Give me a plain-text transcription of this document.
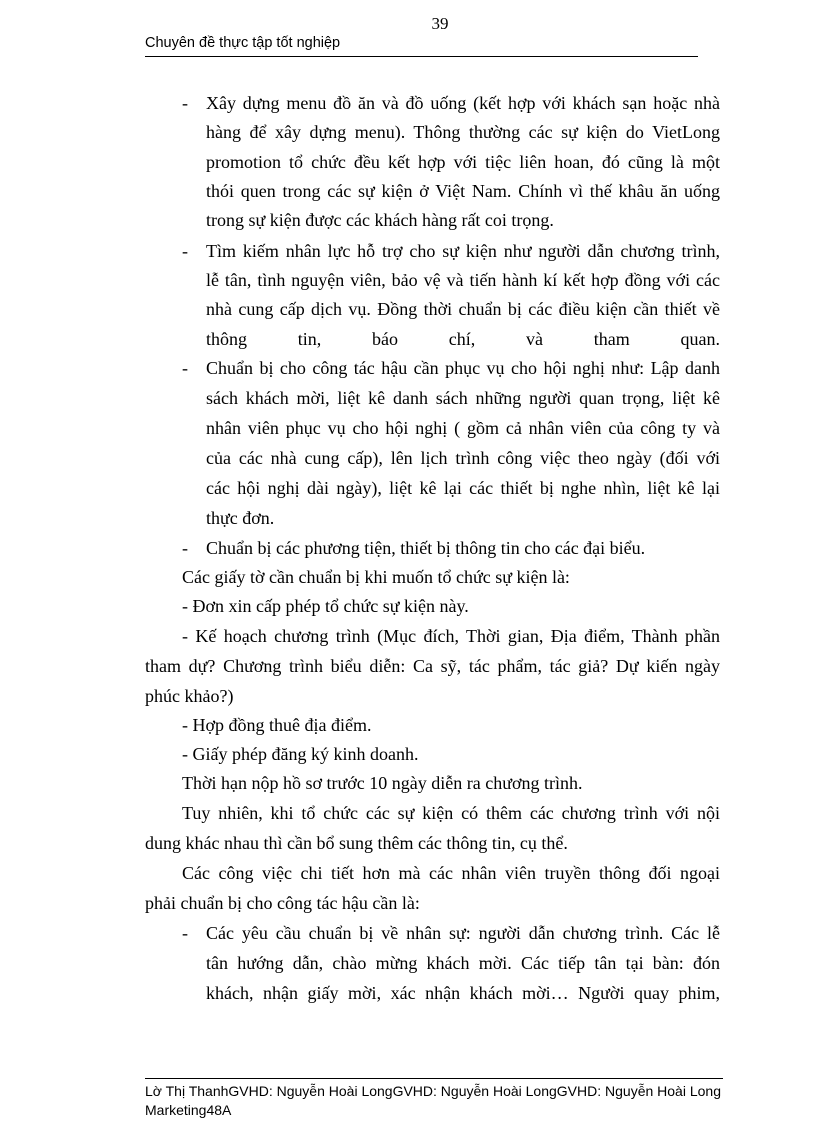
39
Chuyên đề thực tập tốt nghiệp
-
-
-
-
-
Xây dựng menu đồ ăn và đồ uống (kết hợp với khách sạn hoặc nhà
hàng để xây dựng menu). Thông thường các sự kiện do VietLong
promotion tổ chức đều kết hợp với tiệc liên hoan, đó cũng là một
thói quen trong các sự kiện ở Việt Nam. Chính vì thế khâu ăn uống
trong sự kiện được các khách hàng rất coi trọng.
Tìm kiếm nhân lực hỗ trợ cho sự kiện như người dẫn chương trình,
lễ tân, tình nguyện viên, bảo vệ và tiến hành kí kết hợp đồng với các
nhà cung cấp dịch vụ. Đồng thời chuẩn bị các điều kiện cần thiết về
thông tin, báo chí, và tham quan.
Chuẩn bị cho công tác hậu cần phục vụ cho hội nghị như: Lập danh
sách khách mời, liệt kê danh sách những người quan trọng, liệt kê
nhân viên phục vụ cho hội nghị ( gồm cả nhân viên của công ty và
của các nhà cung cấp), lên lịch trình công việc theo ngày (đối với
các hội nghị dài ngày), liệt kê lại các thiết bị nghe nhìn, liệt kê lại
thực đơn.
Chuẩn bị các phương tiện, thiết bị thông tin cho các đại biểu.
Các giấy tờ cần chuẩn bị khi muốn tổ chức sự kiện là:
- Đơn xin cấp phép tổ chức sự kiện này.
- Kế hoạch chương trình (Mục đích, Thời gian, Địa điểm, Thành phần
tham dự? Chương trình biểu diễn: Ca sỹ, tác phẩm, tác giả? Dự kiến ngày
phúc khảo?)
- Hợp đồng thuê địa điểm.
- Giấy phép đăng ký kinh doanh.
Thời hạn nộp hồ sơ trước 10 ngày diễn ra chương trình.
Tuy nhiên, khi tổ chức các sự kiện có thêm các chương trình với nội
dung khác nhau thì cần bổ sung thêm các thông tin, cụ thể.
Các công việc chi tiết hơn mà các nhân viên truyền thông đối ngoại
phải chuẩn bị cho công tác hậu cần là:
Các yêu cầu chuẩn bị về nhân sự: người dẫn chương trình. Các lễ
tân hướng dẫn, chào mừng khách mời. Các tiếp tân tại bàn: đón
khách, nhận giấy mời, xác nhận khách mời… Người quay phim,
Lờ Thị ThanhGVHD: Nguyễn Hoài LongGVHD: Nguyễn Hoài LongGVHD: Nguyễn Hoài Long
Marketing48A
